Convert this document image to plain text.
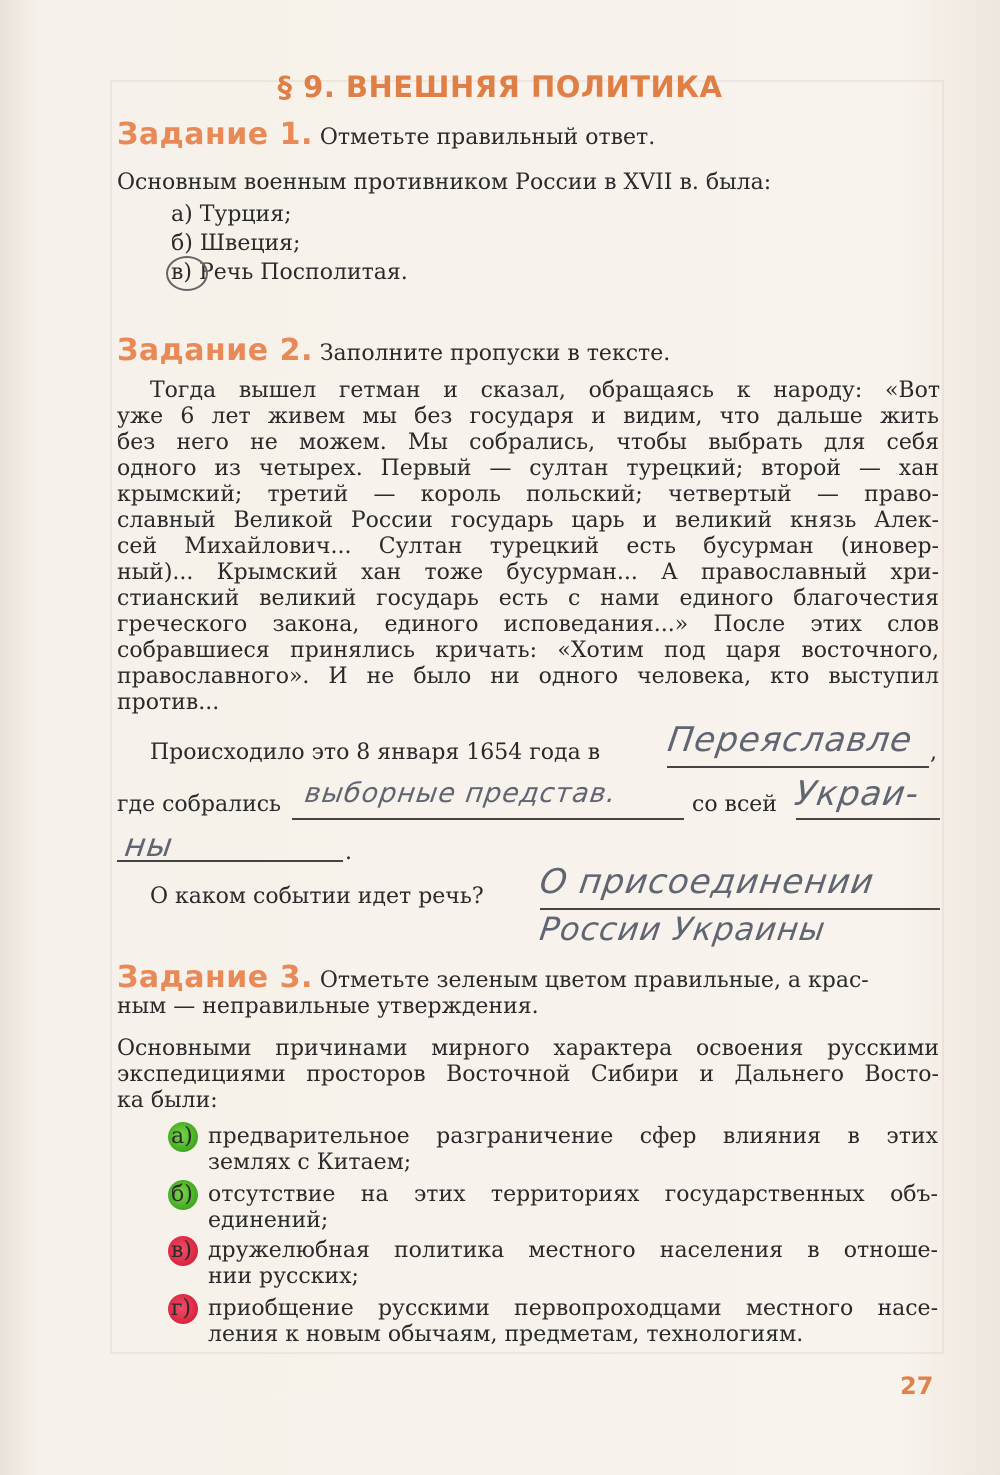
§ 9. ВНЕШНЯЯ ПОЛИТИКА
Задание 1. Отметьте правильный ответ.
Основным военным противником России в XVII в. была:
а) Турция;
б) Швеция;
в) Речь Посполитая.
Задание 2. Заполните пропуски в тексте.
Тогда вышел гетман и сказал, обращаясь к народу: «Вот
уже 6 лет живем мы без государя и видим, что дальше жить
без него не можем. Мы собрались, чтобы выбрать для себя
одного из четырех. Первый — султан турецкий; второй — хан
крымский; третий — король польский; четвертый — право-
славный Великой России государь царь и великий князь Алек-
сей Михайлович... Султан турецкий есть бусурман (иновер-
ный)... Крымский хан тоже бусурман... А православный хри-
стианский великий государь есть с нами единого благочестия
греческого закона, единого исповедания...» После этих слов
собравшиеся принялись кричать: «Хотим под царя восточного,
православного». И не было ни одного человека, кто выступил
против...
Происходило это 8 января 1654 года в	,
Переяславле
где собрались выборные представ.	со всей Украи-
ны	.
О каком событии идет речь? О присоединении
России Украины
Задание 3. Отметьте зеленым цветом правильные, а крас-
ным — неправильные утверждения.
Основными причинами мирного характера освоения русскими
экспедициями просторов Восточной Сибири и Дальнего Восто-
ка были:
а) предварительное разграничение сфер влияния в этих
землях с Китаем;
б) отсутствие на этих территориях государственных объ-
единений;
в) дружелюбная политика местного населения в отноше-
нии русских;
г) приобщение русскими первопроходцами местного насе-
ления к новым обычаям, предметам, технологиям.
27
